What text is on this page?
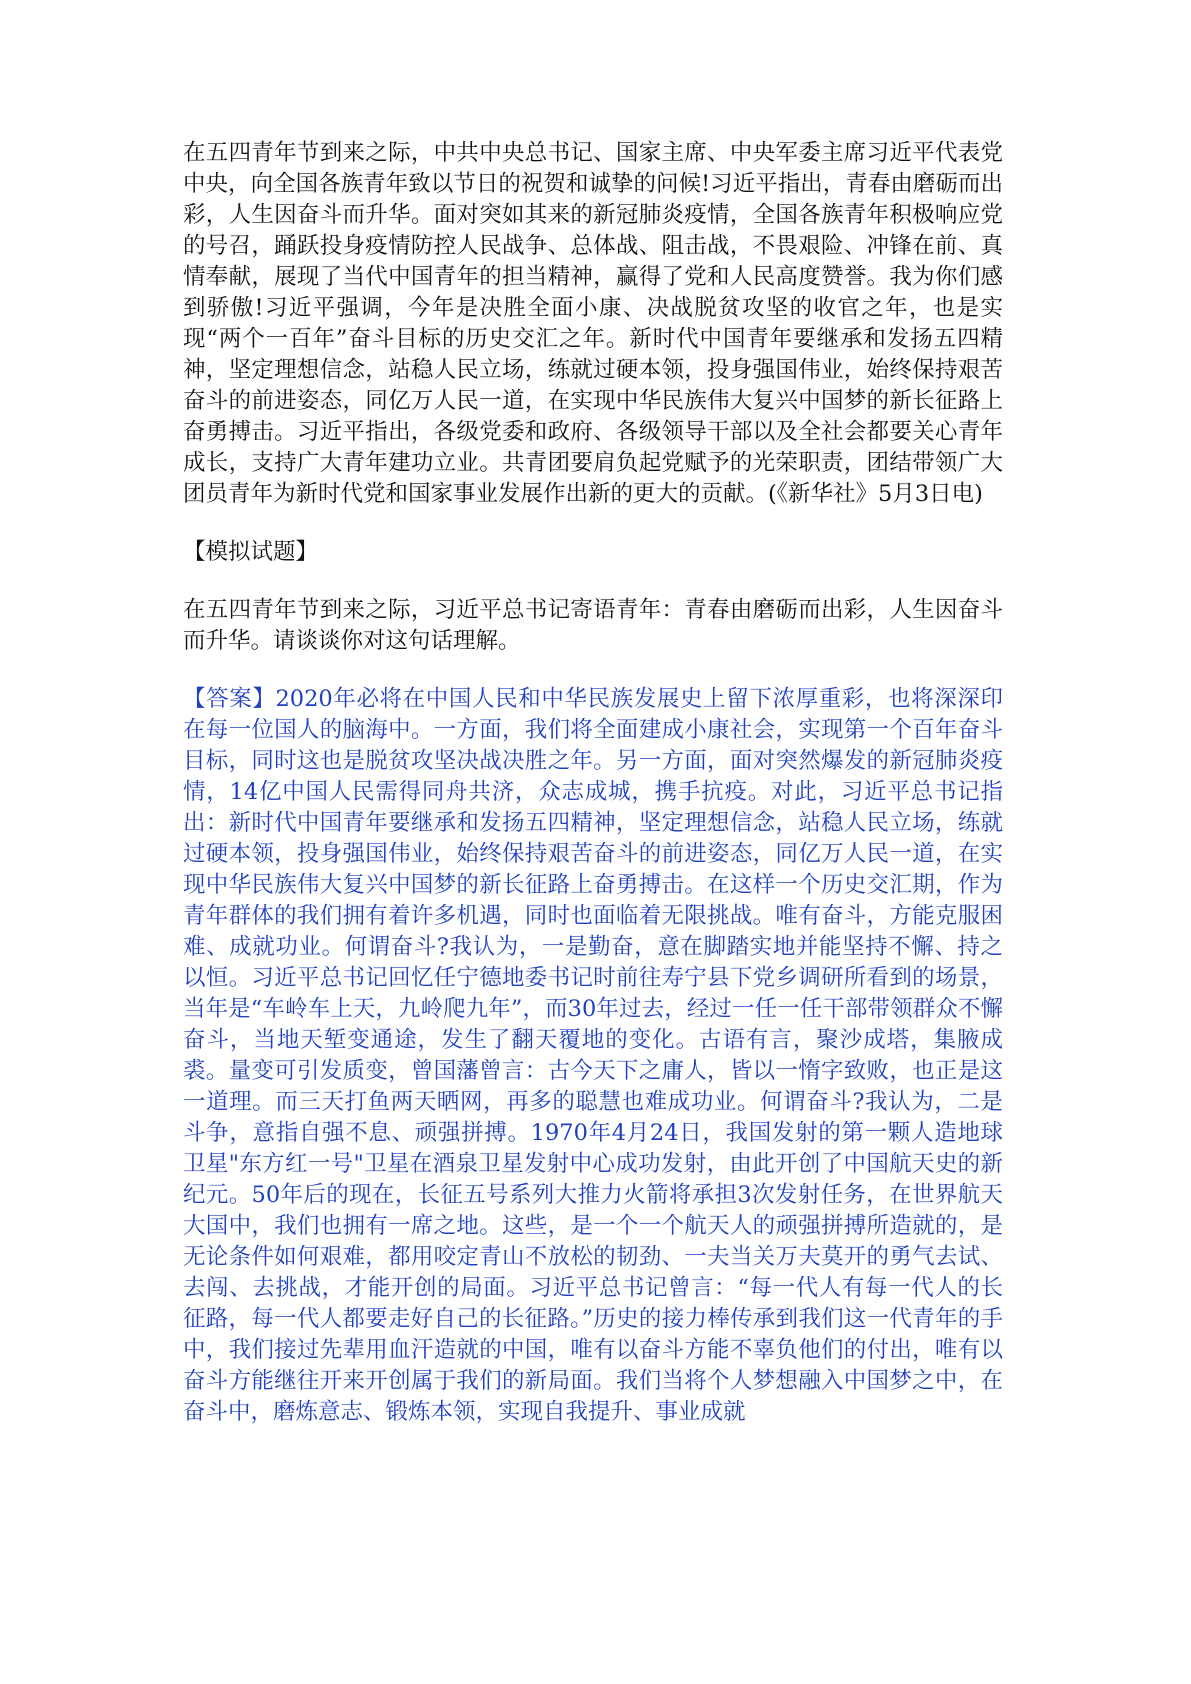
在五四青年节到来之际，中共中央总书记、国家主席、中央军委主席习近平代表党中央，向全国各族青年致以节日的祝贺和诚挚的问候!习近平指出，青春由磨砺而出彩，人生因奋斗而升华。面对突如其来的新冠肺炎疫情，全国各族青年积极响应党的号召，踊跃投身疫情防控人民战争、总体战、阻击战，不畏艰险、冲锋在前、真情奉献，展现了当代中国青年的担当精神，赢得了党和人民高度赞誉。我为你们感到骄傲!习近平强调，今年是决胜全面小康、决战脱贫攻坚的收官之年，也是实现“两个一百年”奋斗目标的历史交汇之年。新时代中国青年要继承和发扬五四精神，坚定理想信念，站稳人民立场，练就过硬本领，投身强国伟业，始终保持艰苦奋斗的前进姿态，同亿万人民一道，在实现中华民族伟大复兴中国梦的新长征路上奋勇搏击。习近平指出，各级党委和政府、各级领导干部以及全社会都要关心青年成长，支持广大青年建功立业。共青团要肩负起党赋予的光荣职责，团结带领广大团员青年为新时代党和国家事业发展作出新的更大的贡献。(《新华社》5月3日电)

【模拟试题】

在五四青年节到来之际，习近平总书记寄语青年：青春由磨砺而出彩，人生因奋斗而升华。请谈谈你对这句话理解。

【答案】2020年必将在中国人民和中华民族发展史上留下浓厚重彩，也将深深印在每一位国人的脑海中。一方面，我们将全面建成小康社会，实现第一个百年奋斗目标，同时这也是脱贫攻坚决战决胜之年。另一方面，面对突然爆发的新冠肺炎疫情，14亿中国人民需得同舟共济，众志成城，携手抗疫。对此，习近平总书记指出：新时代中国青年要继承和发扬五四精神，坚定理想信念，站稳人民立场，练就过硬本领，投身强国伟业，始终保持艰苦奋斗的前进姿态，同亿万人民一道，在实现中华民族伟大复兴中国梦的新长征路上奋勇搏击。在这样一个历史交汇期，作为青年群体的我们拥有着许多机遇，同时也面临着无限挑战。唯有奋斗，方能克服困难、成就功业。何谓奋斗?我认为，一是勤奋，意在脚踏实地并能坚持不懈、持之以恒。习近平总书记回忆任宁德地委书记时前往寿宁县下党乡调研所看到的场景，当年是“车岭车上天，九岭爬九年”，而30年过去，经过一任一任干部带领群众不懈奋斗，当地天堑变通途，发生了翻天覆地的变化。古语有言，聚沙成塔，集腋成裘。量变可引发质变，曾国藩曾言：古今天下之庸人，皆以一惰字致败，也正是这一道理。而三天打鱼两天晒网，再多的聪慧也难成功业。何谓奋斗?我认为，二是斗争，意指自强不息、顽强拼搏。1970年4月24日，我国发射的第一颗人造地球卫星"东方红一号"卫星在酒泉卫星发射中心成功发射，由此开创了中国航天史的新纪元。50年后的现在，长征五号系列大推力火箭将承担3次发射任务，在世界航天大国中，我们也拥有一席之地。这些，是一个一个航天人的顽强拼搏所造就的，是无论条件如何艰难，都用咬定青山不放松的韧劲、一夫当关万夫莫开的勇气去试、去闯、去挑战，才能开创的局面。习近平总书记曾言：“每一代人有每一代人的长征路，每一代人都要走好自己的长征路。”历史的接力棒传承到我们这一代青年的手中，我们接过先辈用血汗造就的中国，唯有以奋斗方能不辜负他们的付出，唯有以奋斗方能继往开来开创属于我们的新局面。我们当将个人梦想融入中国梦之中，在奋斗中，磨炼意志、锻炼本领，实现自我提升、事业成就
